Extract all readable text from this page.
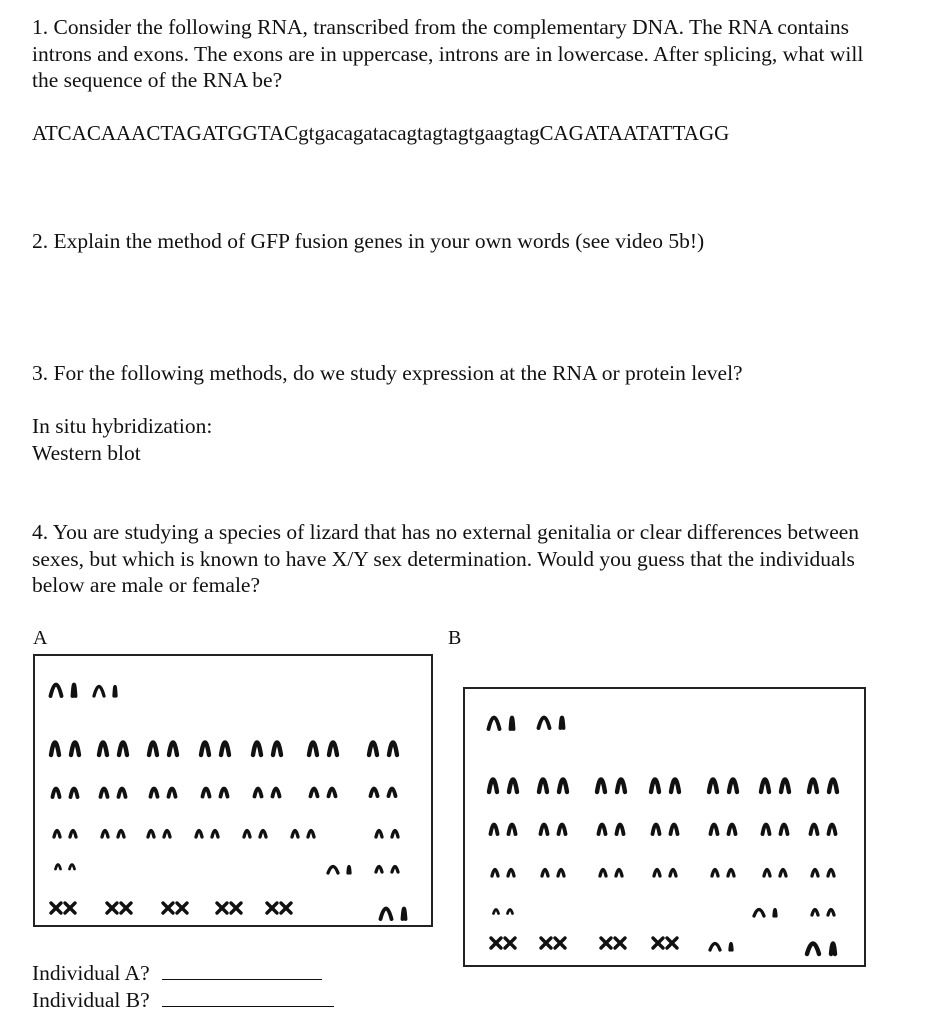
1. Consider the following RNA, transcribed from the complementary DNA. The RNA contains introns and exons. The exons are in uppercase, introns are in lowercase. After splicing, what will the sequence of the RNA be?

ATCACAAACTAGATGGTACgtgacagatacagtagtagtgaagtagCAGATAATATTAGG

2. Explain the method of GFP fusion genes in your own words (see video 5b!)

3. For the following methods, do we study expression at the RNA or protein level?

In situ hybridization:

Western blot

4. You are studying a species of lizard that has no external genitalia or clear differences between sexes, but which is known to have X/Y sex determination. Would you guess that the individuals below are male or female?

A	B
Individual A?
Individual B?
